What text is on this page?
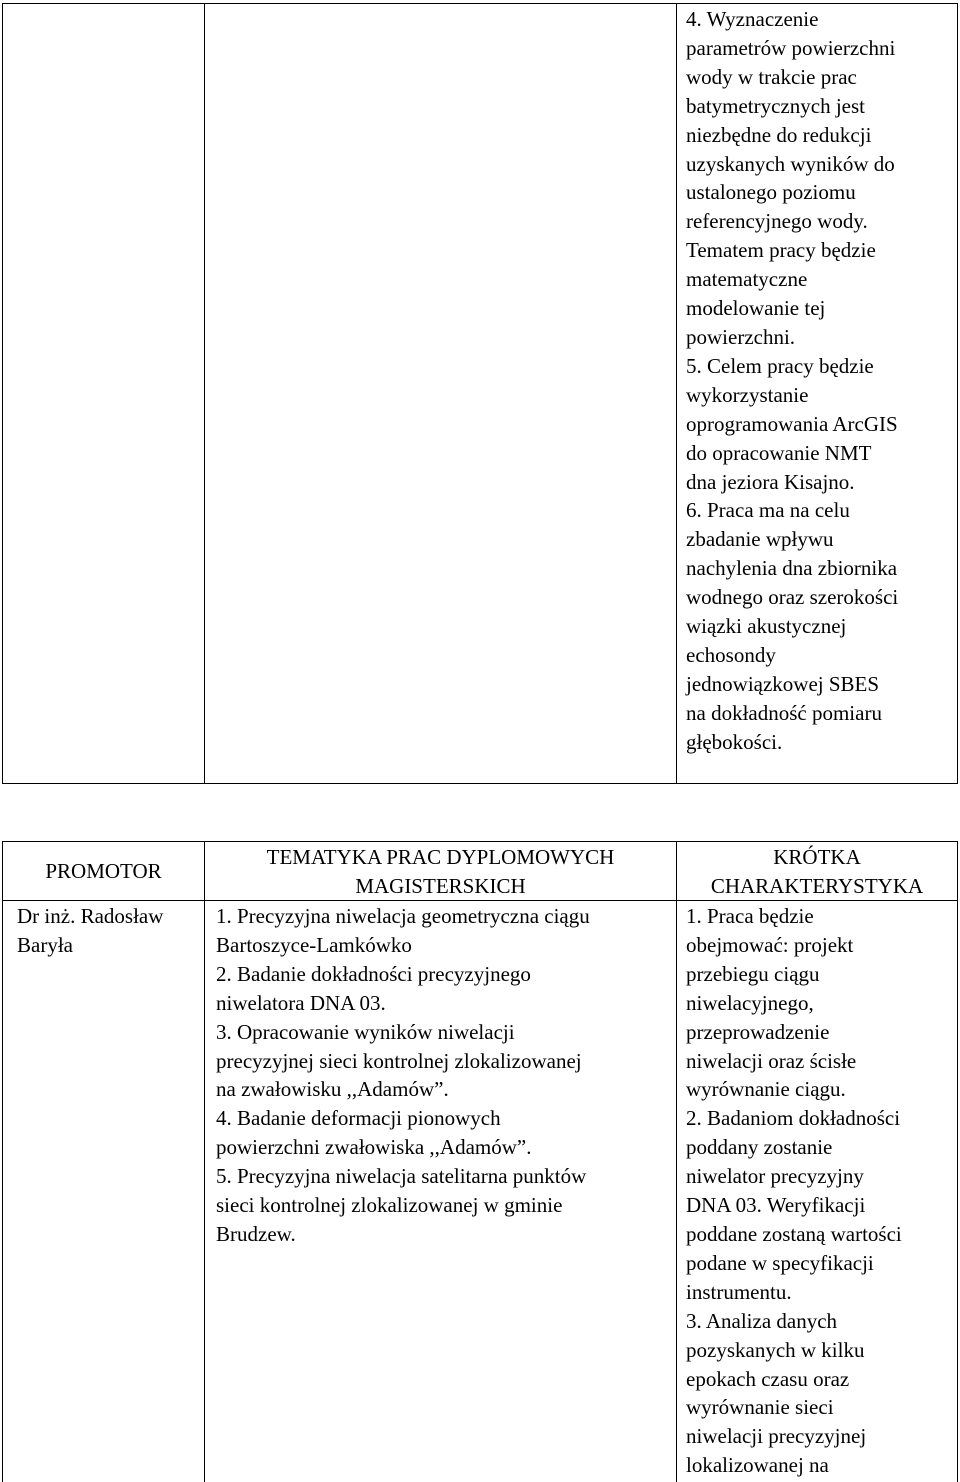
4. Wyznaczenie
parametrów powierzchni
wody w trakcie prac
batymetrycznych jest
niezbędne do redukcji
uzyskanych wyników do
ustalonego poziomu
referencyjnego wody.
Tematem pracy będzie
matematyczne
modelowanie tej
powierzchni.
5. Celem pracy będzie
wykorzystanie
oprogramowania ArcGIS
do opracowanie NMT
dna jeziora Kisajno.
6. Praca ma na celu
zbadanie wpływu
nachylenia dna zbiornika
wodnego oraz szerokości
wiązki akustycznej
echosondy
jednowiązkowej SBES
na dokładność pomiaru
głębokości.
PROMOTOR
TEMATYKA PRAC DYPLOMOWYCH
MAGISTERSKICH
KRÓTKA
CHARAKTERYSTYKA
Dr inż. Radosław
Baryła
1. Precyzyjna niwelacja geometryczna ciągu
Bartoszyce-Lamkówko
2. Badanie dokładności precyzyjnego
niwelatora DNA 03.
3. Opracowanie wyników niwelacji
precyzyjnej sieci kontrolnej zlokalizowanej
na zwałowisku ,,Adamów”.
4. Badanie deformacji pionowych
powierzchni zwałowiska ,,Adamów”.
5. Precyzyjna niwelacja satelitarna punktów
sieci kontrolnej zlokalizowanej w gminie
Brudzew.
1. Praca będzie
obejmować: projekt
przebiegu ciągu
niwelacyjnego,
przeprowadzenie
niwelacji oraz ścisłe
wyrównanie ciągu.
2. Badaniom dokładności
poddany zostanie
niwelator precyzyjny
DNA 03. Weryfikacji
poddane zostaną wartości
podane w specyfikacji
instrumentu.
3. Analiza danych
pozyskanych w kilku
epokach czasu oraz
wyrównanie sieci
niwelacji precyzyjnej
lokalizowanej na
